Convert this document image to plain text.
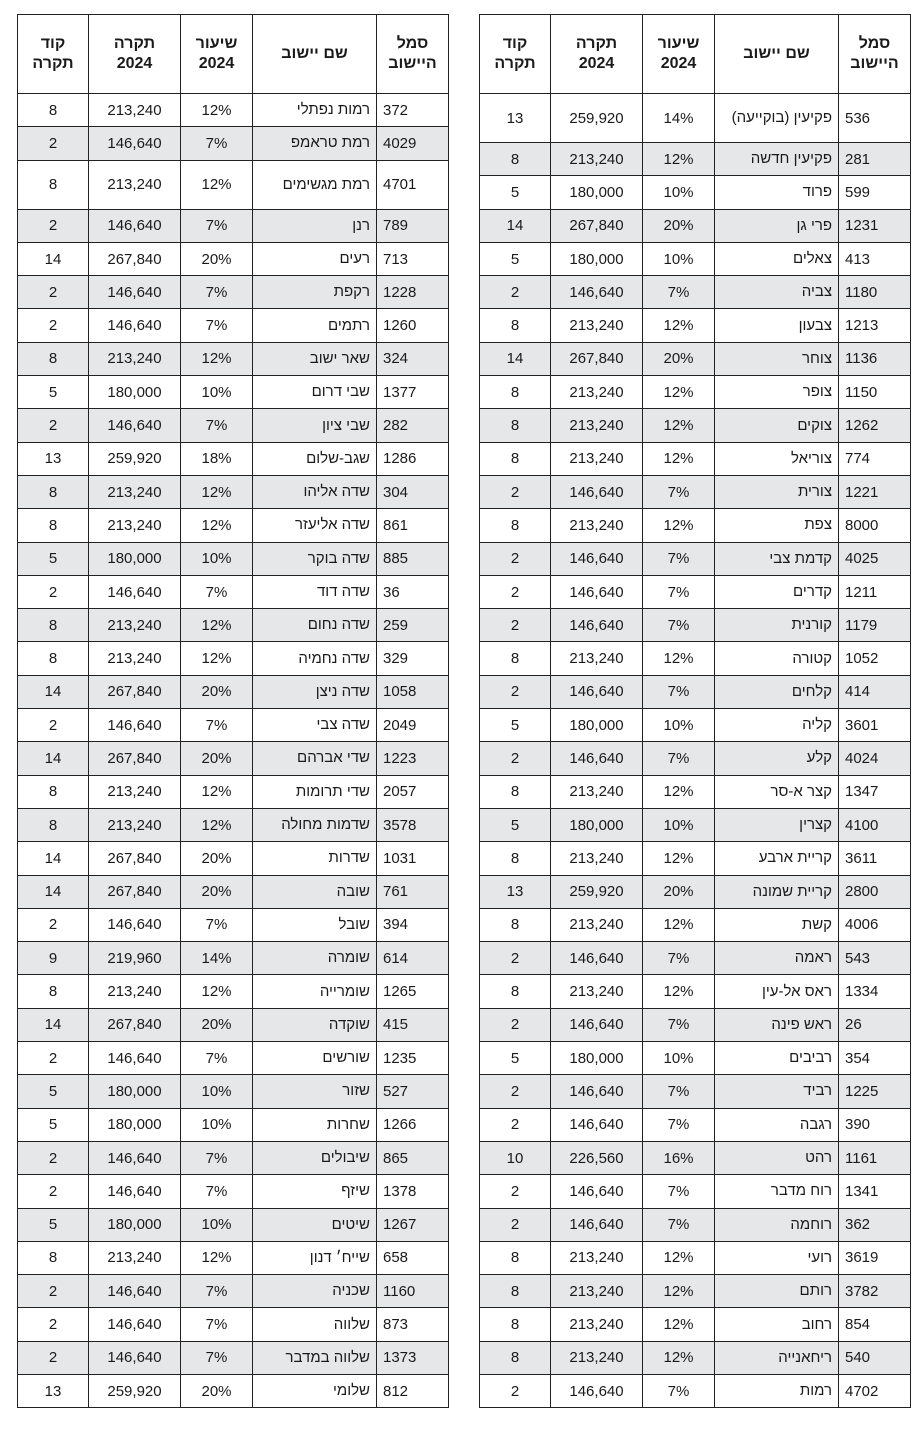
סמל היישוב	שם יישוב	שיעור 2024	תקרה 2024	קוד תקרה
372	רמות נפתלי	12%	213,240	8
4029	רמת טראמפ	7%	146,640	2
4701	רמת מגשימים	12%	213,240	8
789	רנן	7%	146,640	2
713	רעים	20%	267,840	14
1228	רקפת	7%	146,640	2
1260	רתמים	7%	146,640	2
324	שאר ישוב	12%	213,240	8
1377	שבי דרום	10%	180,000	5
282	שבי ציון	7%	146,640	2
1286	שגב-שלום	18%	259,920	13
304	שדה אליהו	12%	213,240	8
861	שדה אליעזר	12%	213,240	8
885	שדה בוקר	10%	180,000	5
36	שדה דוד	7%	146,640	2
259	שדה נחום	12%	213,240	8
329	שדה נחמיה	12%	213,240	8
1058	שדה ניצן	20%	267,840	14
2049	שדה צבי	7%	146,640	2
1223	שדי אברהם	20%	267,840	14
2057	שדי תרומות	12%	213,240	8
3578	שדמות מחולה	12%	213,240	8
1031	שדרות	20%	267,840	14
761	שובה	20%	267,840	14
394	שובל	7%	146,640	2
614	שומרה	14%	219,960	9
1265	שומרייה	12%	213,240	8
415	שוקדה	20%	267,840	14
1235	שורשים	7%	146,640	2
527	שזור	10%	180,000	5
1266	שחרות	10%	180,000	5
865	שיבולים	7%	146,640	2
1378	שיזף	7%	146,640	2
1267	שיטים	10%	180,000	5
658	שייח׳ דנון	12%	213,240	8
1160	שכניה	7%	146,640	2
873	שלווה	7%	146,640	2
1373	שלווה במדבר	7%	146,640	2
812	שלומי	20%	259,920	13
סמל היישוב	שם יישוב	שיעור 2024	תקרה 2024	קוד תקרה
536	פקיעין (בוקייעה)	14%	259,920	13
281	פקיעין חדשה	12%	213,240	8
599	פרוד	10%	180,000	5
1231	פרי גן	20%	267,840	14
413	צאלים	10%	180,000	5
1180	צביה	7%	146,640	2
1213	צבעון	12%	213,240	8
1136	צוחר	20%	267,840	14
1150	צופר	12%	213,240	8
1262	צוקים	12%	213,240	8
774	צוריאל	12%	213,240	8
1221	צורית	7%	146,640	2
8000	צפת	12%	213,240	8
4025	קדמת צבי	7%	146,640	2
1211	קדרים	7%	146,640	2
1179	קורנית	7%	146,640	2
1052	קטורה	12%	213,240	8
414	קלחים	7%	146,640	2
3601	קליה	10%	180,000	5
4024	קלע	7%	146,640	2
1347	קצר א-סר	12%	213,240	8
4100	קצרין	10%	180,000	5
3611	קריית ארבע	12%	213,240	8
2800	קריית שמונה	20%	259,920	13
4006	קשת	12%	213,240	8
543	ראמה	7%	146,640	2
1334	ראס אל-עין	12%	213,240	8
26	ראש פינה	7%	146,640	2
354	רביבים	10%	180,000	5
1225	רביד	7%	146,640	2
390	רגבה	7%	146,640	2
1161	רהט	16%	226,560	10
1341	רוח מדבר	7%	146,640	2
362	רוחמה	7%	146,640	2
3619	רועי	12%	213,240	8
3782	רותם	12%	213,240	8
854	רחוב	12%	213,240	8
540	ריחאנייה	12%	213,240	8
4702	רמות	7%	146,640	2
